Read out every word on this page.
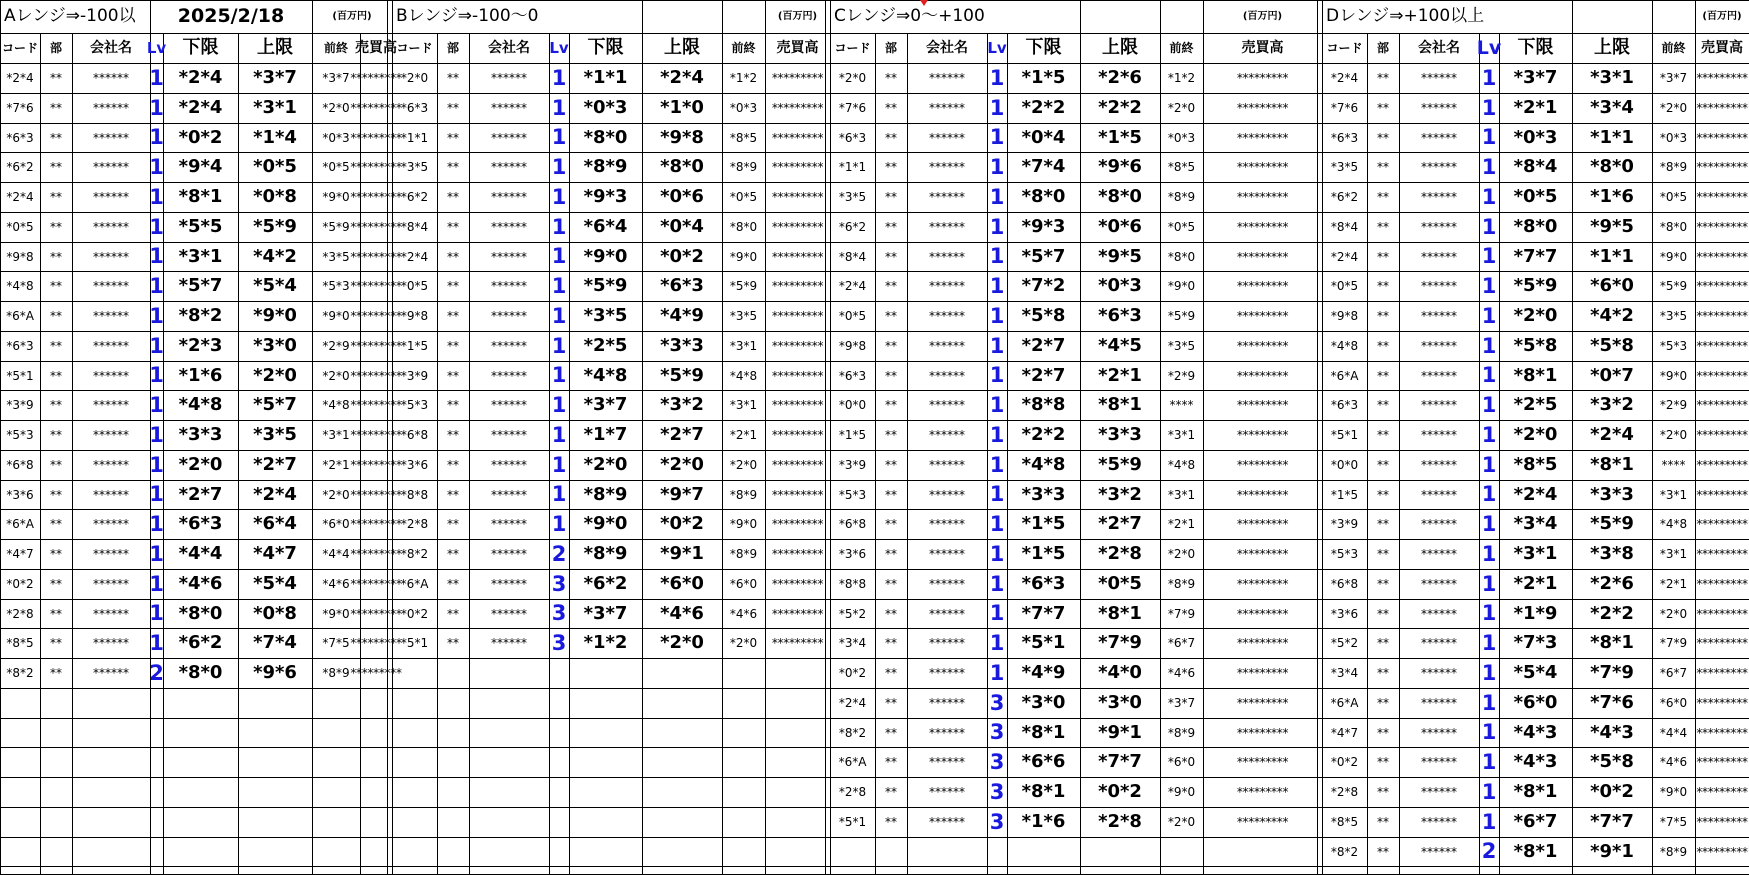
Aレンジ⇒-100以	2025/2/18	(百万円)
コード 部	会社名 Lv 下限	上限	前終 売買高
*2*4	**	****** 1 *2*4	*3*7	*3*7 *********
*7*6	**	****** 1 *2*4	*3*1	*2*0 *********
*6*3	**	****** 1 *0*2	*1*4	*0*3 *********
*6*2	**	****** 1 *9*4	*0*5	*0*5 *********
*2*4	**	****** 1 *8*1	*0*8	*9*0 *********
*0*5	**	****** 1 *5*5	*5*9	*5*9 *********
*9*8	**	****** 1 *3*1	*4*2	*3*5 *********
*4*8	**	****** 1 *5*7	*5*4	*5*3 *********
*6*A	**	****** 1 *8*2	*9*0	*9*0 *********
*6*3	**	****** 1 *2*3	*3*0	*2*9 *********
*5*1	**	****** 1 *1*6	*2*0	*2*0 *********
*3*9	**	****** 1 *4*8	*5*7	*4*8 *********
*5*3	**	****** 1 *3*3	*3*5	*3*1 *********
*6*8	**	****** 1 *2*0	*2*7	*2*1 *********
*3*6	**	****** 1 *2*7	*2*4	*2*0 *********
*6*A	**	****** 1 *6*3	*6*4	*6*0 *********
*4*7	**	****** 1 *4*4	*4*7	*4*4 *********
*0*2	**	****** 1 *4*6	*5*4	*4*6 *********
*2*8	**	****** 1 *8*0	*0*8	*9*0 *********
*8*5	**	****** 1 *6*2	*7*4	*7*5 *********
*8*2	**	****** 2 *8*0	*9*6	*8*9 *********
Bレンジ⇒-100～0	(百万円)
コード	部	会社名	Lv	下限	上限	前終	売買高
*2*0	**	******	1 *1*1	*2*4	*1*2	*********
*6*3	**	******	1 *0*3	*1*0	*0*3	*********
*1*1	**	******	1 *8*0	*9*8	*8*5	*********
*3*5	**	******	1 *8*9	*8*0	*8*9	*********
*6*2	**	******	1 *9*3	*0*6	*0*5	*********
*8*4	**	******	1 *6*4	*0*4	*8*0	*********
*2*4	**	******	1 *9*0	*0*2	*9*0	*********
*0*5	**	******	1 *5*9	*6*3	*5*9	*********
*9*8	**	******	1 *3*5	*4*9	*3*5	*********
*1*5	**	******	1 *2*5	*3*3	*3*1	*********
*3*9	**	******	1 *4*8	*5*9	*4*8	*********
*5*3	**	******	1 *3*7	*3*2	*3*1	*********
*6*8	**	******	1 *1*7	*2*7	*2*1	*********
*3*6	**	******	1 *2*0	*2*0	*2*0	*********
*8*8	**	******	1 *8*9	*9*7	*8*9	*********
*2*8	**	******	1 *9*0	*0*2	*9*0	*********
*8*2	**	******	2 *8*9	*9*1	*8*9	*********
*6*A	**	******	3 *6*2	*6*0	*6*0	*********
*0*2	**	******	3 *3*7	*4*6	*4*6	*********
*5*1	**	******	3 *1*2	*2*0	*2*0	*********
Cレンジ⇒0～+100	(百万円)
コード	部	会社名	Lv	下限	上限	前終	売買高
*2*0	**	******	1 *1*5	*2*6	*1*2	*********
*7*6	**	******	1 *2*2	*2*2	*2*0	*********
*6*3	**	******	1 *0*4	*1*5	*0*3	*********
*1*1	**	******	1 *7*4	*9*6	*8*5	*********
*3*5	**	******	1 *8*0	*8*0	*8*9	*********
*6*2	**	******	1 *9*3	*0*6	*0*5	*********
*8*4	**	******	1 *5*7	*9*5	*8*0	*********
*2*4	**	******	1 *7*2	*0*3	*9*0	*********
*0*5	**	******	1 *5*8	*6*3	*5*9	*********
*9*8	**	******	1 *2*7	*4*5	*3*5	*********
*6*3	**	******	1 *2*7	*2*1	*2*9	*********
*0*0	**	******	1 *8*8	*8*1	****	*********
*1*5	**	******	1 *2*2	*3*3	*3*1	*********
*3*9	**	******	1 *4*8	*5*9	*4*8	*********
*5*3	**	******	1 *3*3	*3*2	*3*1	*********
*6*8	**	******	1 *1*5	*2*7	*2*1	*********
*3*6	**	******	1 *1*5	*2*8	*2*0	*********
*8*8	**	******	1 *6*3	*0*5	*8*9	*********
*5*2	**	******	1 *7*7	*8*1	*7*9	*********
*3*4	**	******	1 *5*1	*7*9	*6*7	*********
*0*2	**	******	1 *4*9	*4*0	*4*6	*********
*2*4	**	******	3 *3*0	*3*0	*3*7	*********
*8*2	**	******	3 *8*1	*9*1	*8*9	*********
*6*A	**	******	3 *6*6	*7*7	*6*0	*********
*2*8	**	******	3 *8*1	*0*2	*9*0	*********
*5*1	**	******	3 *1*6	*2*8	*2*0	*********
Dレンジ⇒+100以上	(百万円)
コード	部	会社名 Lv 下限	上限	前終	売買高
*2*4	**	******	1 *3*7	*3*1	*3*7 *********
*7*6	**	******	1 *2*1	*3*4	*2*0 *********
*6*3	**	******	1 *0*3	*1*1	*0*3 *********
*3*5	**	******	1 *8*4	*8*0	*8*9 *********
*6*2	**	******	1 *0*5	*1*6	*0*5 *********
*8*4	**	******	1 *8*0	*9*5	*8*0 *********
*2*4	**	******	1 *7*7	*1*1	*9*0 *********
*0*5	**	******	1 *5*9	*6*0	*5*9 *********
*9*8	**	******	1 *2*0	*4*2	*3*5 *********
*4*8	**	******	1 *5*8	*5*8	*5*3 *********
*6*A	**	******	1 *8*1	*0*7	*9*0 *********
*6*3	**	******	1 *2*5	*3*2	*2*9 *********
*5*1	**	******	1 *2*0	*2*4	*2*0 *********
*0*0	**	******	1 *8*5	*8*1	**** *********
*1*5	**	******	1 *2*4	*3*3	*3*1 *********
*3*9	**	******	1 *3*4	*5*9	*4*8 *********
*5*3	**	******	1 *3*1	*3*8	*3*1 *********
*6*8	**	******	1 *2*1	*2*6	*2*1 *********
*3*6	**	******	1 *1*9	*2*2	*2*0 *********
*5*2	**	******	1 *7*3	*8*1	*7*9 *********
*3*4	**	******	1 *5*4	*7*9	*6*7 *********
*6*A	**	******	1 *6*0	*7*6	*6*0 *********
*4*7	**	******	1 *4*3	*4*3	*4*4 *********
*0*2	**	******	1 *4*3	*5*8	*4*6 *********
*2*8	**	******	1 *8*1	*0*2	*9*0 *********
*8*5	**	******	1 *6*7	*7*7	*7*5 *********
*8*2	**	******	2 *8*1	*9*1	*8*9 *********
